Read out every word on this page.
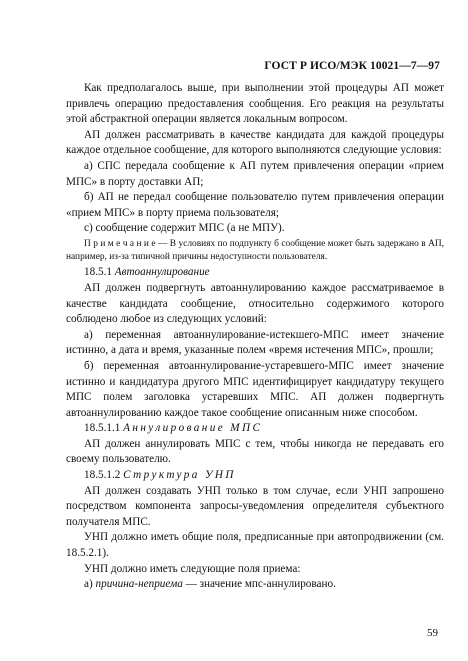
ГОСТ Р ИСО/МЭК 10021—7—97

Как предполагалось выше, при выполнении этой процедуры АП может привлечь операцию предоставления сообщения. Его реакция на результаты этой абстрактной операции является локальным вопросом.

АП должен рассматривать в качестве кандидата для каждой процедуры каждое отдельное сообщение, для которого выполняются следующие условия:

а) СПС передала сообщение к АП путем привлечения операции «прием МПС» в порту доставки АП;

б) АП не передал сообщение пользователю путем привлечения операции «прием МПС» в порту приема пользователя;

с) сообщение содержит МПС (а не МПУ).

П р и м е ч а н и е — В условиях по подпункту б сообщение может быть задержано в АП, например, из-за типичной причины недоступности пользователя.

18.5.1 Автоаннулирование

АП должен подвергнуть автоаннулированию каждое рассматриваемое в качестве кандидата сообщение, относительно содержимого которого соблюдено любое из следующих условий:

а) переменная автоаннулирование-истекшего-МПС имеет значение истинно, а дата и время, указанные полем «время истечения МПС», прошли;

б) переменная автоаннулирование-устаревшего-МПС имеет значение истинно и кандидатура другого МПС идентифицирует кандидатуру текущего МПС полем заголовка устаревших МПС. АП должен подвергнуть автоаннулированию каждое такое сообщение описанным ниже способом.

18.5.1.1 Аннулирование МПС

АП должен аннулировать МПС с тем, чтобы никогда не передавать его своему пользователю.

18.5.1.2 Структура УНП

АП должен создавать УНП только в том случае, если УНП запрошено посредством компонента запросы-уведомления определителя субъектного получателя МПС.

УНП должно иметь общие поля, предписанные при автопродвижении (см. 18.5.2.1).

УНП должно иметь следующие поля приема:

а) причина-неприема — значение мпс-аннулировано.

59
